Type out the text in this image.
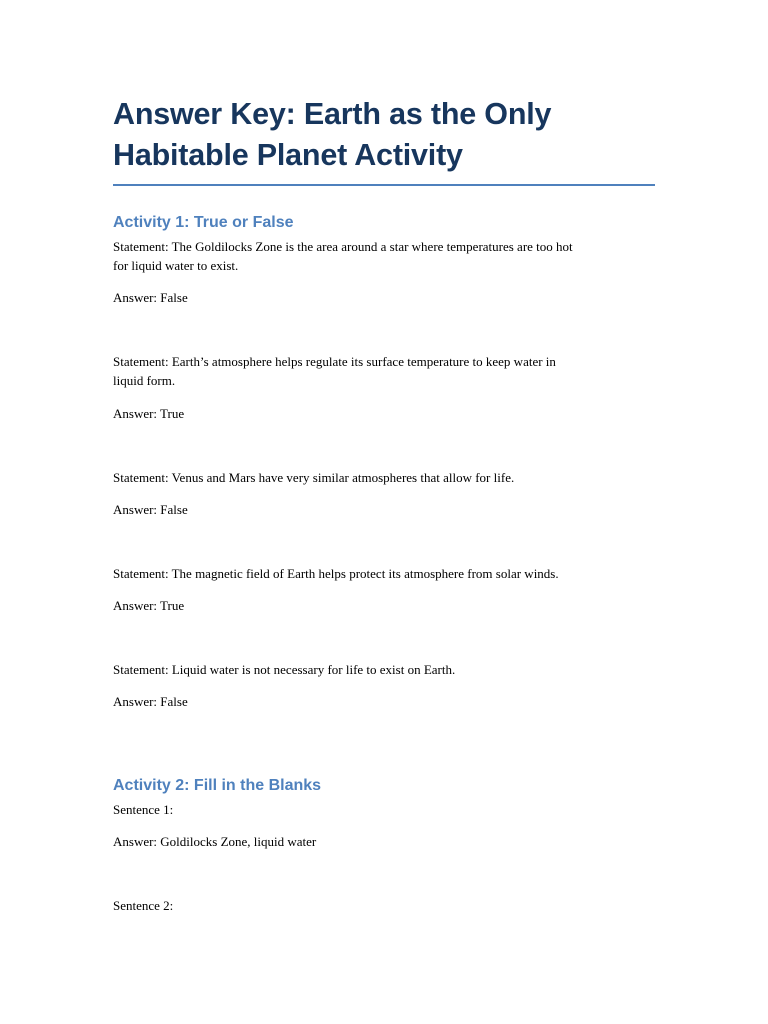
Answer Key: Earth as the Only
Habitable Planet Activity
Activity 1: True or False

Statement: The Goldilocks Zone is the area around a star where temperatures are too hot
for liquid water to exist.

Answer: False

Statement: Earth’s atmosphere helps regulate its surface temperature to keep water in
liquid form.

Answer: True

Statement: Venus and Mars have very similar atmospheres that allow for life.

Answer: False

Statement: The magnetic field of Earth helps protect its atmosphere from solar winds.

Answer: True

Statement: Liquid water is not necessary for life to exist on Earth.

Answer: False

Activity 2: Fill in the Blanks

Sentence 1:

Answer: Goldilocks Zone, liquid water

Sentence 2:
